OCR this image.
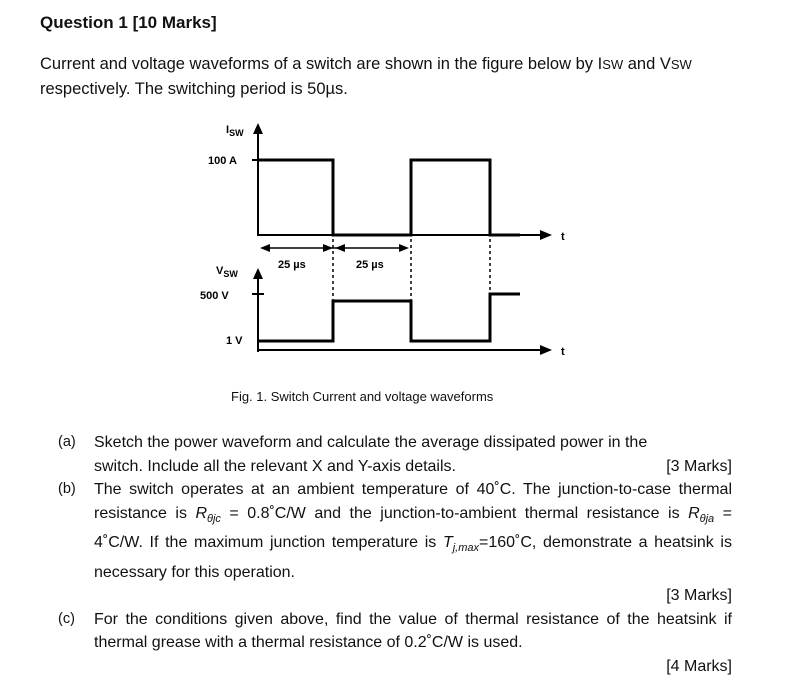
Question 1 [10 Marks]
Current and voltage waveforms of a switch are shown in the figure below by ISW and VSW respectively. The switching period is 50µs.
$I_{SW}$
100 A
t
25 µs	25 µs
$V_{SW}$
500 V
1 V
t
Fig. 1. Switch Current and voltage waveforms
(a)	Sketch the power waveform and calculate the average dissipated power in the
switch. Include all the relevant X and Y-axis details.	[3 Marks]
(b)	The switch operates at an ambient temperature of 40˚C. The junction-to-case thermal resistance is $R_{\theta jc}$ = 0.8˚C/W and the junction-to-ambient thermal resistance is $R_{\theta ja}$ = 4˚C/W. If the maximum junction temperature is $T_{j,max}=160˚C$, demonstrate a heatsink is necessary for this operation.
[3 Marks]
(c)	For the conditions given above, find the value of thermal resistance of the heatsink if thermal grease with a thermal resistance of 0.2˚C/W is used.
[4 Marks]
